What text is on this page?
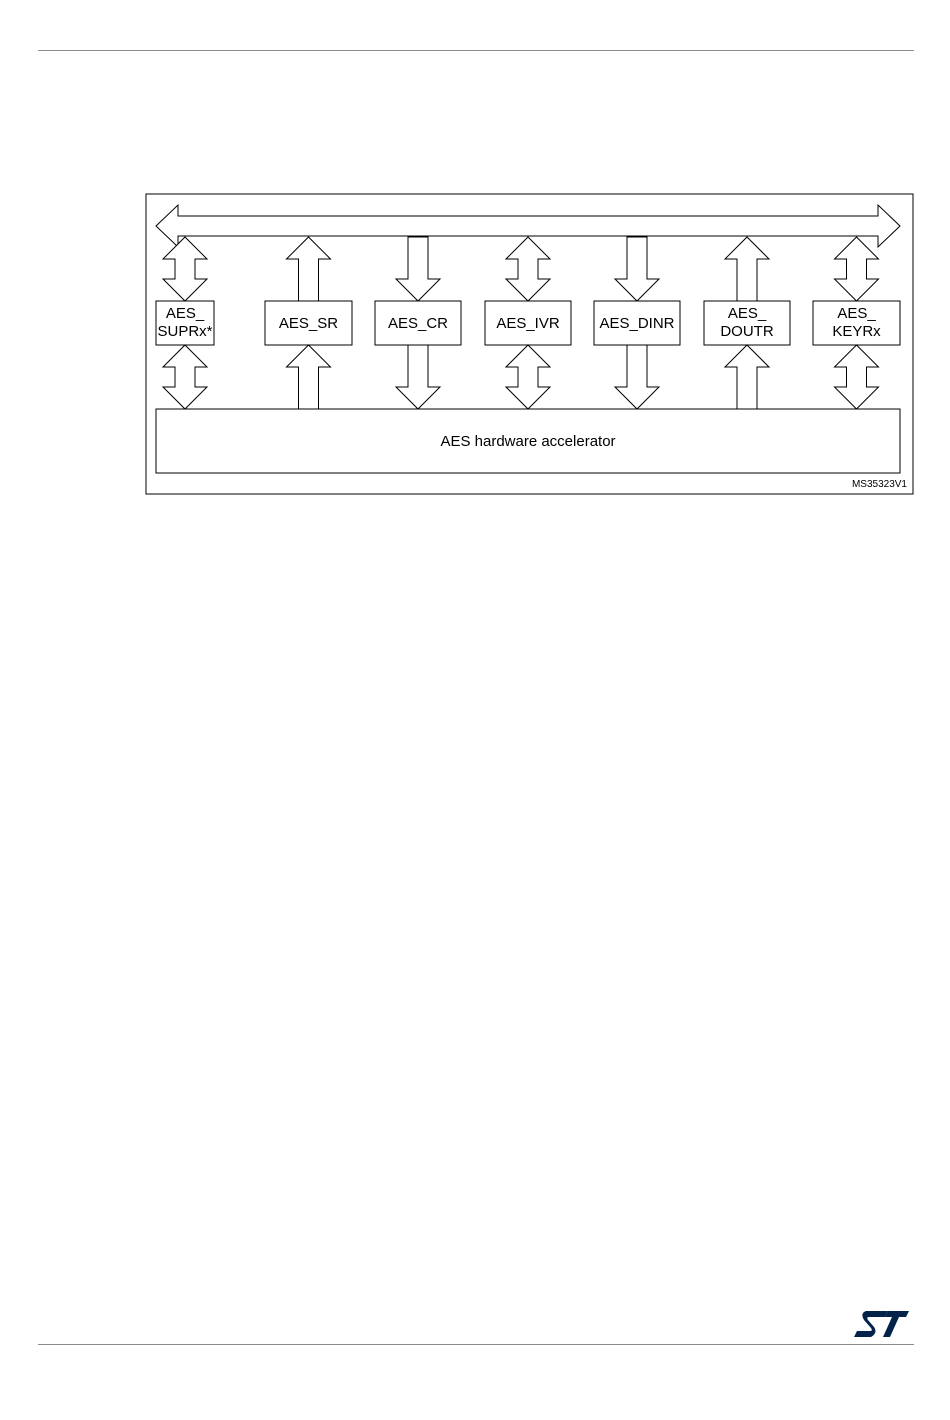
AES_
SUPRx*	AES_SR	AES_CR	AES_IVR	AES_DINR
AES_
DOUTR
AES_
KEYRx
AES hardware accelerator
MS35323V1
